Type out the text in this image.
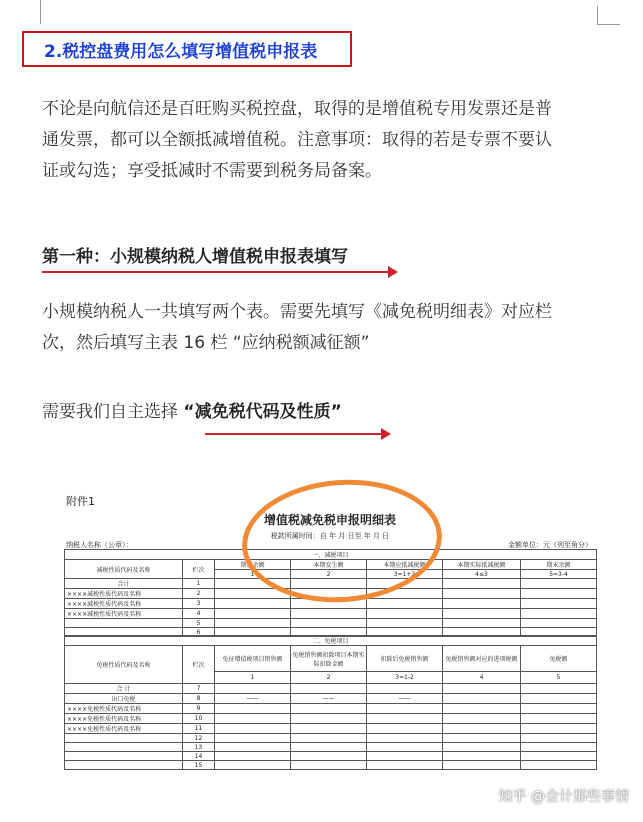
2.税控盘费用怎么填写增值税申报表
不论是向航信还是百旺购买税控盘，取得的是增值税专用发票还是普
通发票，都可以全额抵减增值税。注意事项：取得的若是专票不要认
证或勾选；享受抵减时不需要到税务局备案。
第一种：小规模纳税人增值税申报表填写
小规模纳税人一共填写两个表。需要先填写《减免税明细表》对应栏
次，然后填写主表 16 栏 “应纳税额减征额”
需要我们自主选择 “减免税代码及性质”
附件1
增值税减免税申报明细表
税款所属时间：自 年 月 日至 年 月 日
纳税人名称（公章）：	金额单位：元（列至角分）
一、减税项目						
减税性质代码及名称	栏次	期初余额	本期发生额	本期应抵减税额	本期实际抵减税额	期末余额
		1	2	3=1+2	4≤3	5=3-4
合计	1					
××××减税性质代码及名称	2					
××××减税性质代码及名称	3					
××××减税性质代码及名称	4					
	5					
	6					
二、免税项目						
免税性质代码及名称	栏次	免征增值税项目销售额	免税销售额扣除项目本期实际扣除金额	扣除后免税销售额	免税销售额对应的进项税额	免税额
		1	2	3=1-2	4	5
合 计	7					
出口免税	8	——	——	——		
××××免税性质代码及名称	9					
××××免税性质代码及名称	10					
××××免税性质代码及名称	11					
	12					
	13					
	14					
	15					
知乎 @会计那些事情
